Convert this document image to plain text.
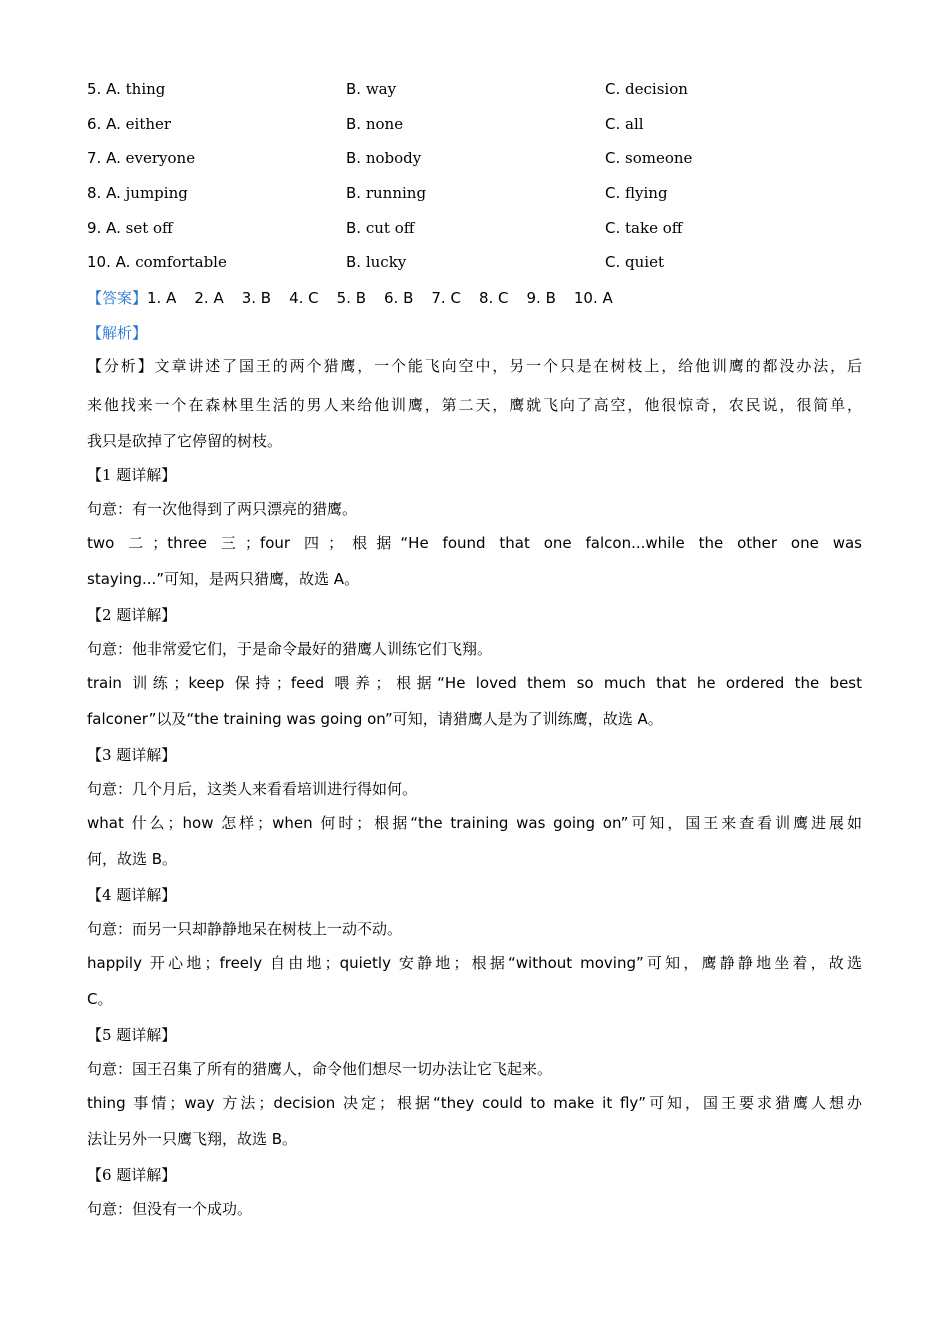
5. A. thing	B. way	C. decision
6. A. either	B. none	C. all
7. A. everyone	B. nobody	C. someone
8. A. jumping	B. running	C. flying
9. A. set off	B. cut off	C. take off
10. A. comfortable	B. lucky	C. quiet
【答案】1. A 2. A 3. B 4. C 5. B 6. B 7. C 8. C 9. B 10. A
【解析】
【分析】文章讲述了国王的两个猎鹰，一个能飞向空中，另一个只是在树枝上，给他训鹰的都没办法，后
来他找来一个在森林里生活的男人来给他训鹰，第二天，鹰就飞向了高空，他很惊奇，农民说，很简单，
我只是砍掉了它停留的树枝。
【1 题详解】
句意：有一次他得到了两只漂亮的猎鹰。
two 二；three 三；four 四；根据“He found that one falcon...while the other one was
staying...”可知，是两只猎鹰，故选 A。
【2 题详解】
句意：他非常爱它们，于是命令最好的猎鹰人训练它们飞翔。
train 训练；keep 保持；feed 喂养；根据“He loved them so much that he ordered the best
falconer”以及“the training was going on”可知，请猎鹰人是为了训练鹰，故选 A。
【3 题详解】
句意：几个月后，这类人来看看培训进行得如何。
what 什么；how 怎样；when 何时；根据“the training was going on”可知，国王来查看训鹰进展如
何，故选 B。
【4 题详解】
句意：而另一只却静静地呆在树枝上一动不动。
happily 开心地；freely 自由地；quietly 安静地；根据“without moving”可知，鹰静静地坐着，故选
C。
【5 题详解】
句意：国王召集了所有的猎鹰人，命令他们想尽一切办法让它飞起来。
thing 事情；way 方法；decision 决定；根据“they could to make it fly”可知，国王要求猎鹰人想办
法让另外一只鹰飞翔，故选 B。
【6 题详解】
句意：但没有一个成功。
